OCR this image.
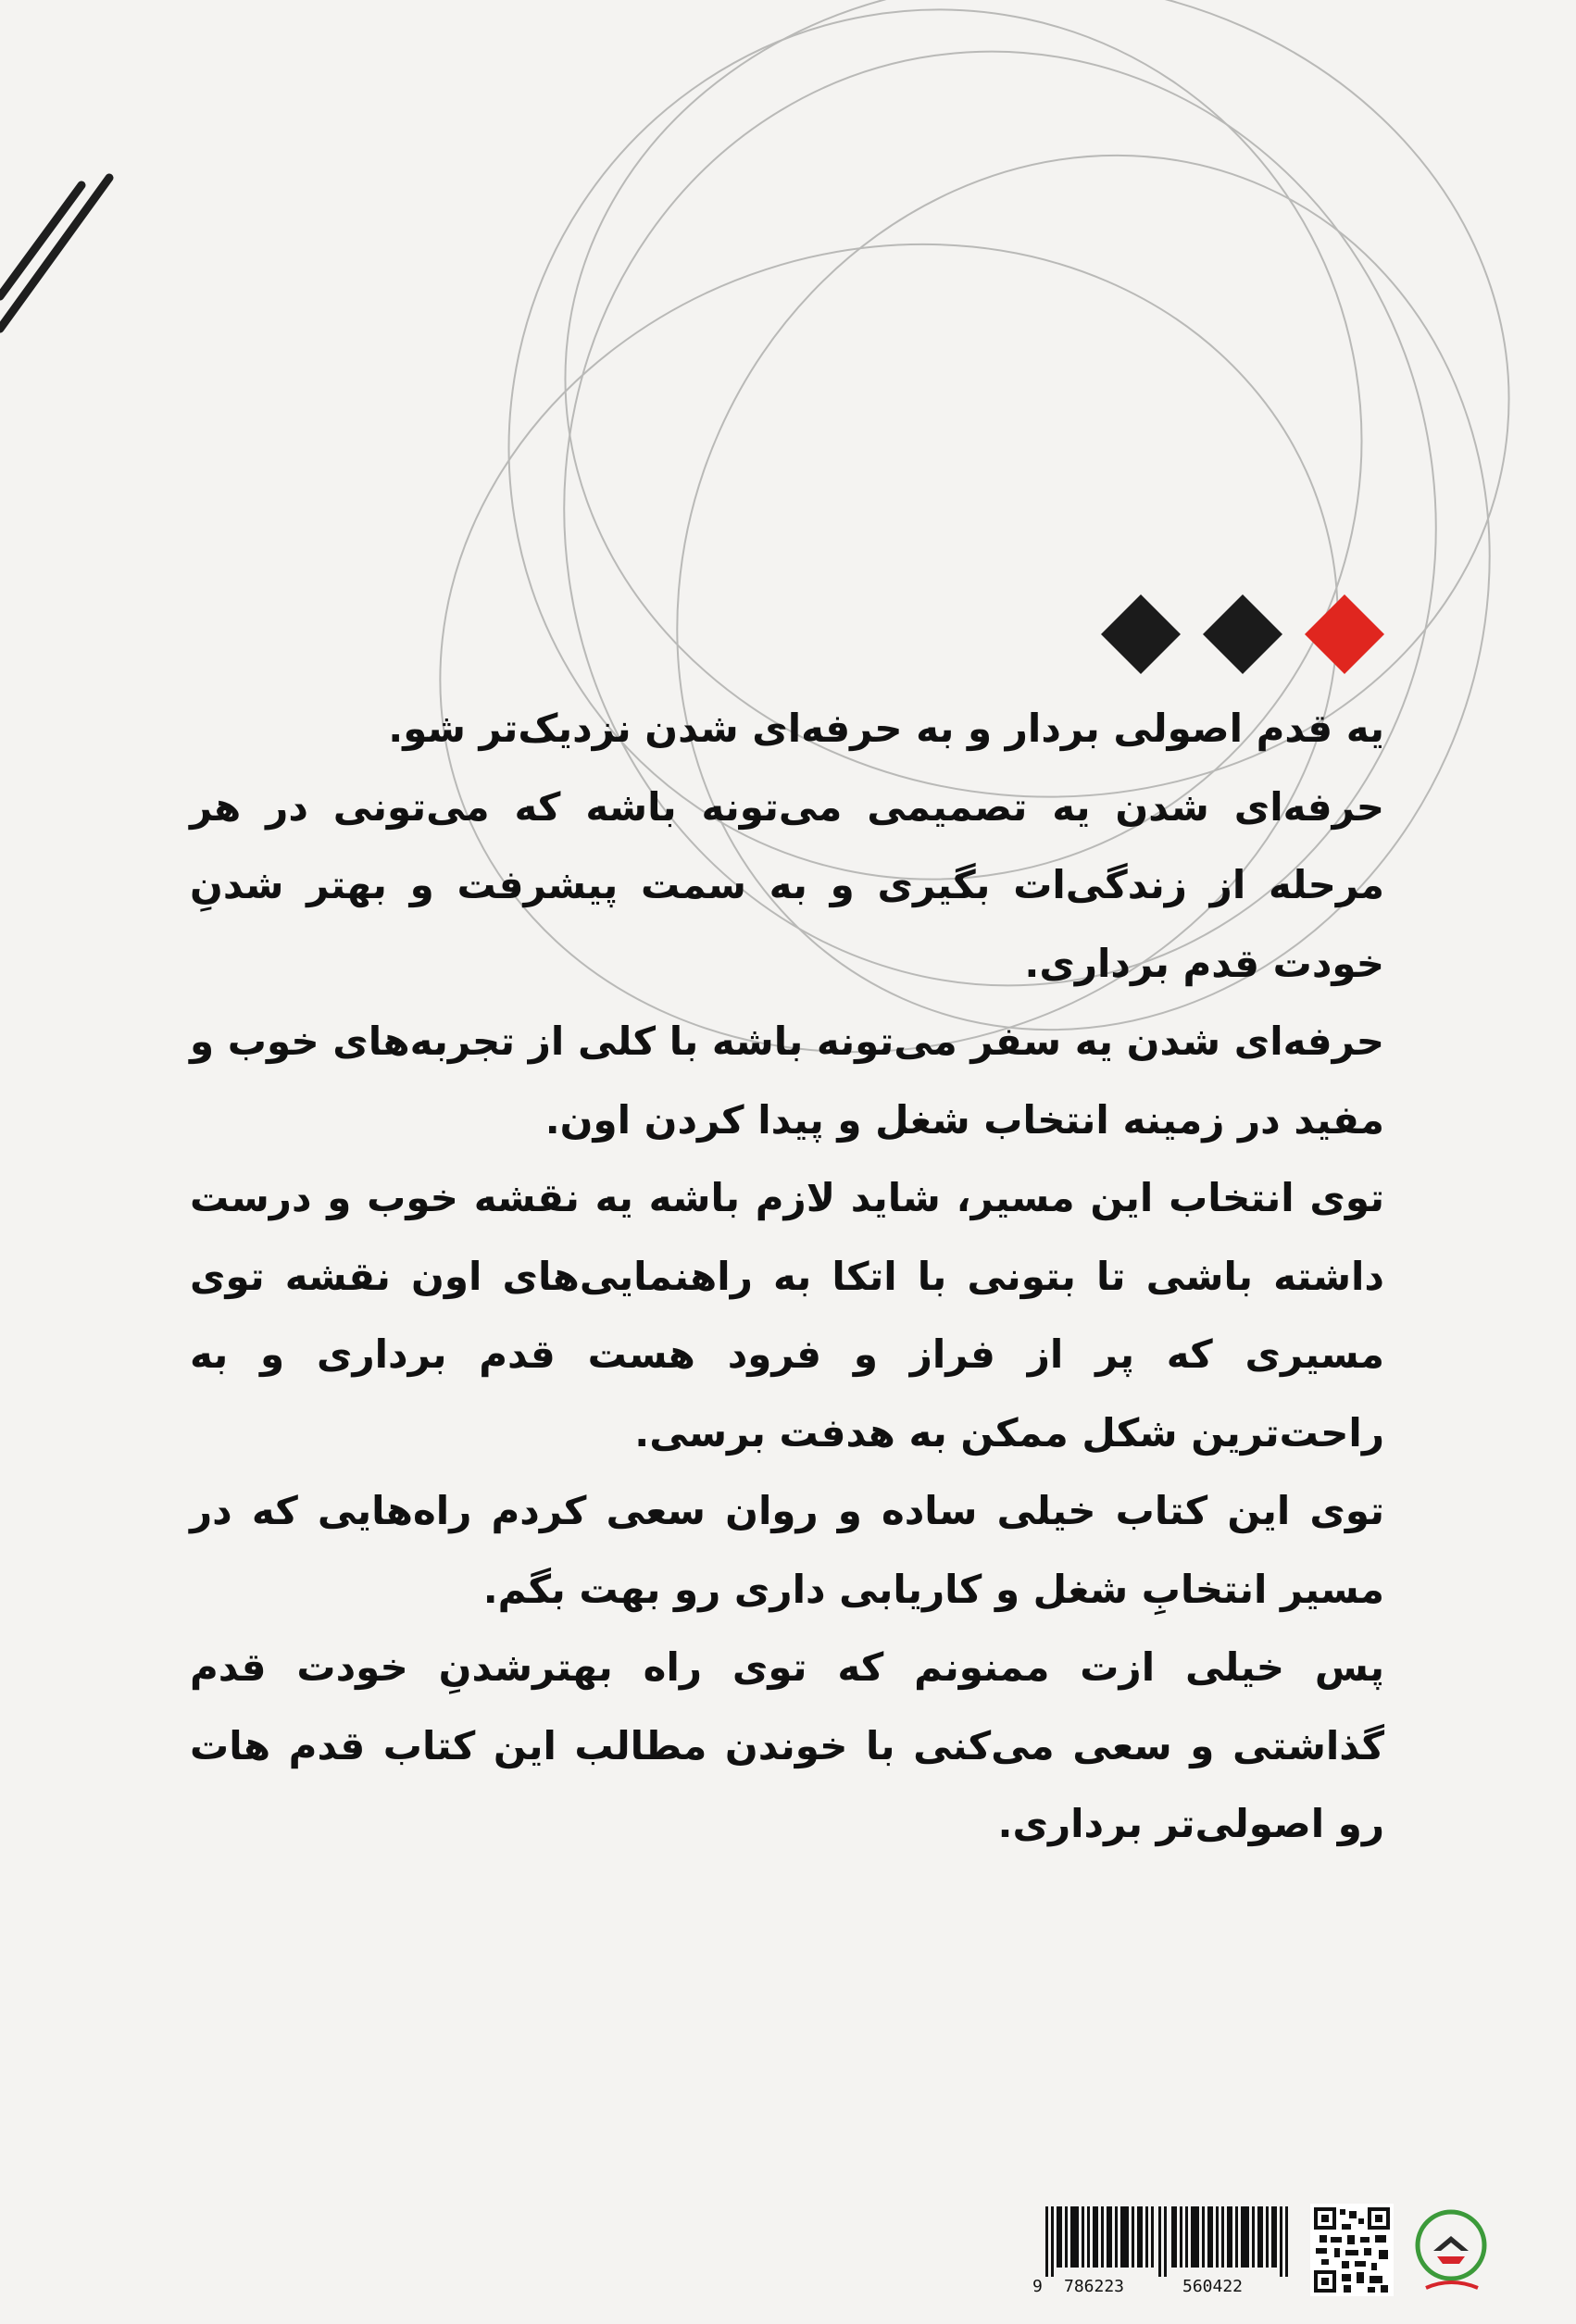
یه قدم اصولی بردار و به حرفه‌ای شدن نزدیک‌تر شو.

حرفه‌ای شدن یه تصمیمی می‌تونه باشه که می‌تونی در هر مرحله از زندگی‌ات بگیری و به سمت پیشرفت و بهتر شدنِ خودت قدم برداری.

حرفه‌ای شدن یه سفر می‌تونه باشه با کلی از تجربه‌های خوب و مفید در زمینه انتخاب شغل و پیدا کردن اون.

توی انتخاب این مسیر، شاید لازم باشه یه نقشه خوب و درست داشته باشی تا بتونی با اتکا به راهنمایی‌های اون نقشه توی مسیری که پر از فراز و فرود هست قدم برداری و به راحت‌ترین شکل ممکن به هدفت برسی.

توی این کتاب خیلی ساده و روان سعی کردم راه‌هایی که در مسیر انتخابِ شغل و کاریابی داری رو بهت بگم.

پس خیلی ازت ممنونم که توی راه بهترشدنِ خودت قدم گذاشتی و سعی می‌کنی با خوندن مطالب این کتاب قدم هات رو اصولی‌تر برداری.

9 786223	560422
